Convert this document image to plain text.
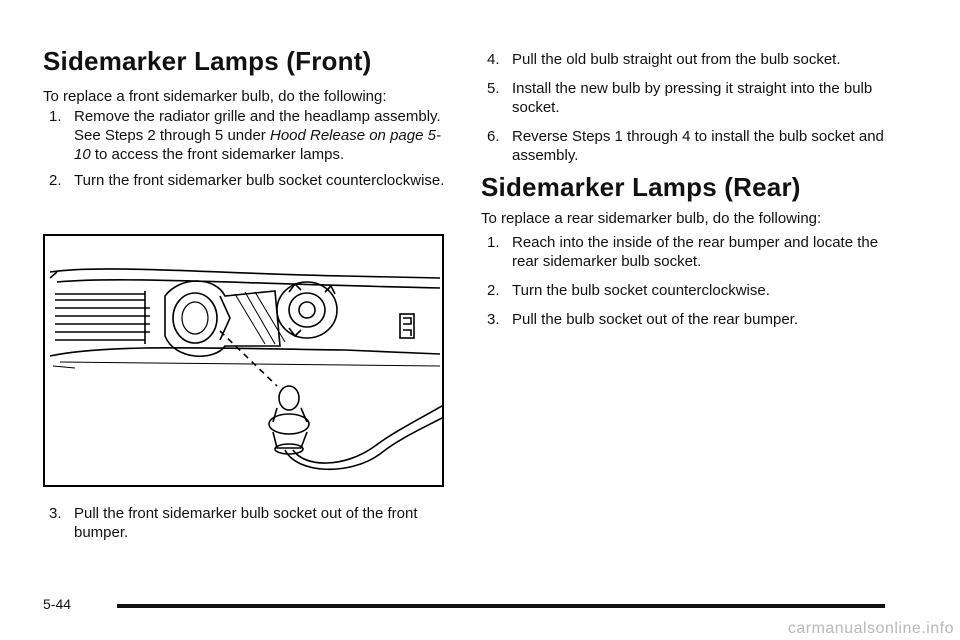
Sidemarker Lamps (Front)

To replace a front sidemarker bulb, do the following:

1. Remove the radiator grille and the headlamp assembly. See Steps 2 through 5 under Hood Release on page 5-10 to access the front sidemarker lamps.
2. Turn the front sidemarker bulb socket counterclockwise.
3. Pull the front sidemarker bulb socket out of the front bumper.
4. Pull the old bulb straight out from the bulb socket.
5. Install the new bulb by pressing it straight into the bulb socket.
6. Reverse Steps 1 through 4 to install the bulb socket and assembly.
Sidemarker Lamps (Rear)

To replace a rear sidemarker bulb, do the following:

1. Reach into the inside of the rear bumper and locate the rear sidemarker bulb socket.
2. Turn the bulb socket counterclockwise.
3. Pull the bulb socket out of the rear bumper.
5-44
carmanualsonline.info
